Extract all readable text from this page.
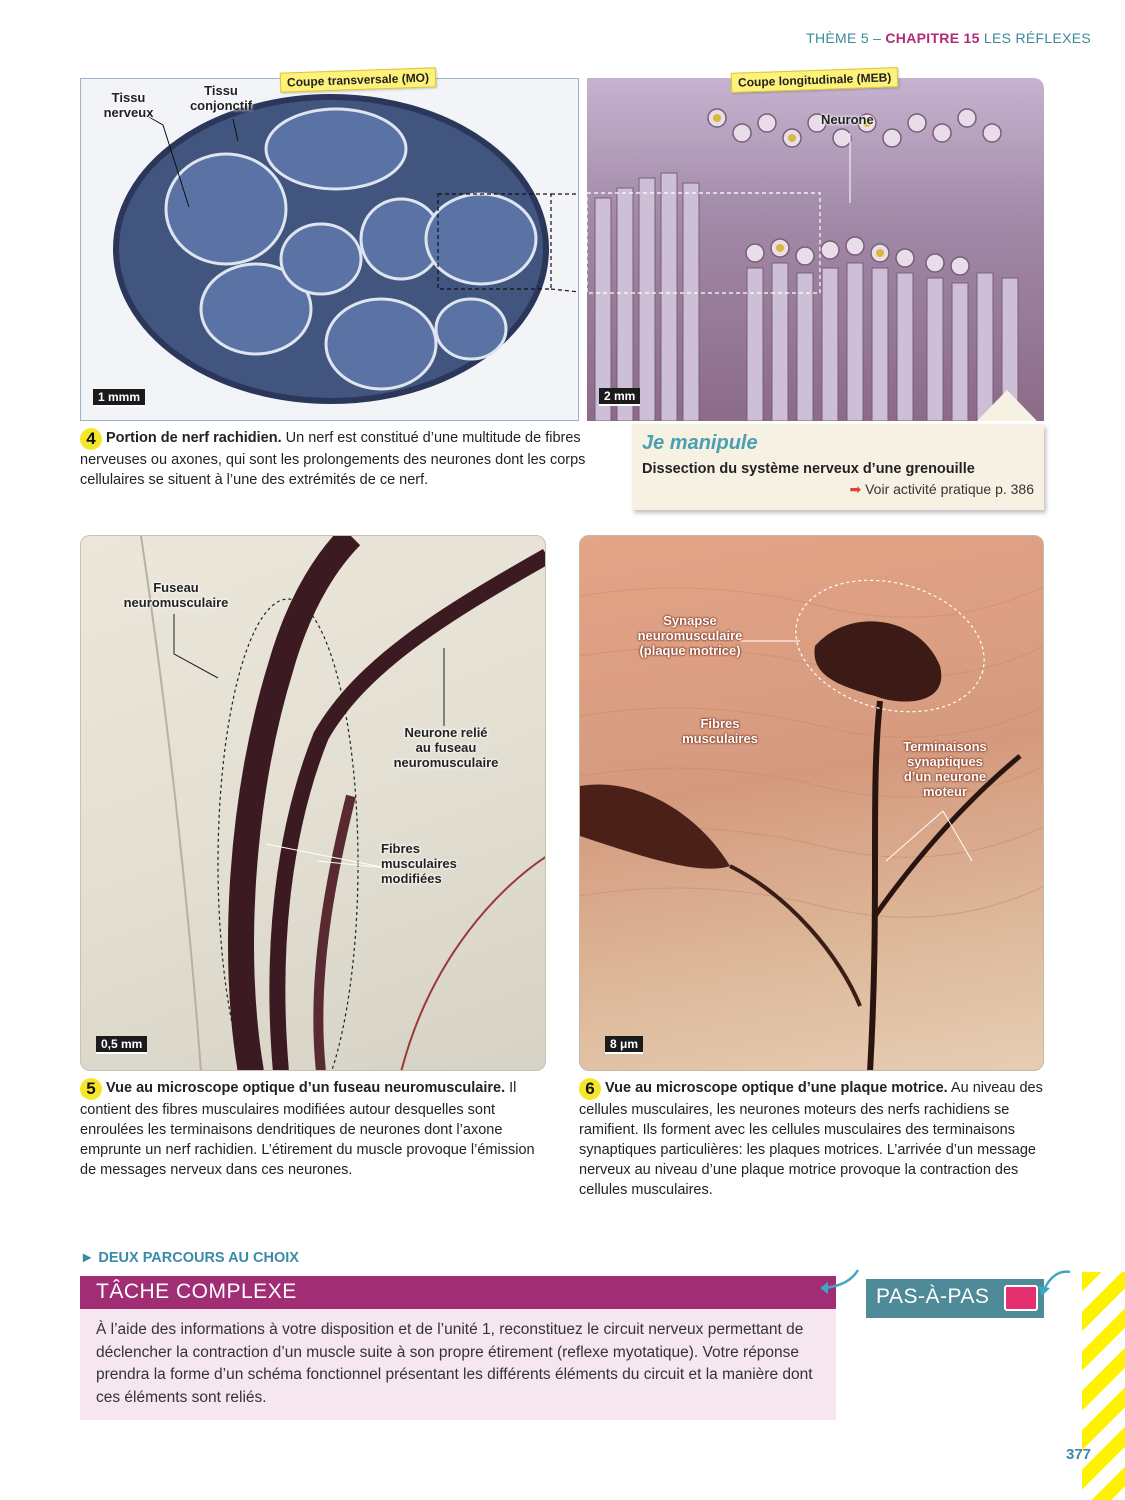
THÈME 5 – CHAPITRE 15 LES RÉFLEXES
Tissu
nerveux
Tissu
conjonctif
1 mmm
Coupe transversale (MO)
Neurone
2 mm
Coupe longitudinale (MEB)
4 Portion de nerf rachidien. Un nerf est constitué d’une multitude de fibres nerveuses ou axones, qui sont les prolongements des neurones dont les corps cellulaires se situent à l’une des extrémités de ce nerf.
Je manipule
Dissection du système nerveux d’une grenouille
➡ Voir activité pratique p. 386
Fuseau
neuromusculaire
Neurone relié
au fuseau
neuromusculaire
Fibres
musculaires
modifiées
0,5 mm
5 Vue au microscope optique d’un fuseau neuromusculaire. Il contient des fibres musculaires modifiées autour desquelles sont enroulées les terminaisons dendritiques de neurones dont l’axone emprunte un nerf rachidien. L’étirement du muscle provoque l’émission de messages nerveux dans ces neurones.
Synapse
neuromusculaire
(plaque motrice)
Fibres
musculaires
Terminaisons
synaptiques
d’un neurone
moteur
8 μm
6 Vue au microscope optique d’une plaque motrice. Au niveau des cellules musculaires, les neurones moteurs des nerfs rachidiens se ramifient. Ils forment avec les cellules musculaires des terminaisons synaptiques particulières: les plaques motrices. L’arrivée d’un message nerveux au niveau d’une plaque motrice provoque la contraction des cellules musculaires.
► DEUX PARCOURS AU CHOIX
TÂCHE COMPLEXE
À l’aide des informations à votre disposition et de l’unité 1, reconstituez le circuit nerveux permettant de déclencher la contraction d’un muscle suite à son propre étirement (reflexe myotatique). Votre réponse prendra la forme d’un schéma fonctionnel présentant les différents éléments du circuit et la manière dont ces éléments sont reliés.
PAS-À-PAS
377
